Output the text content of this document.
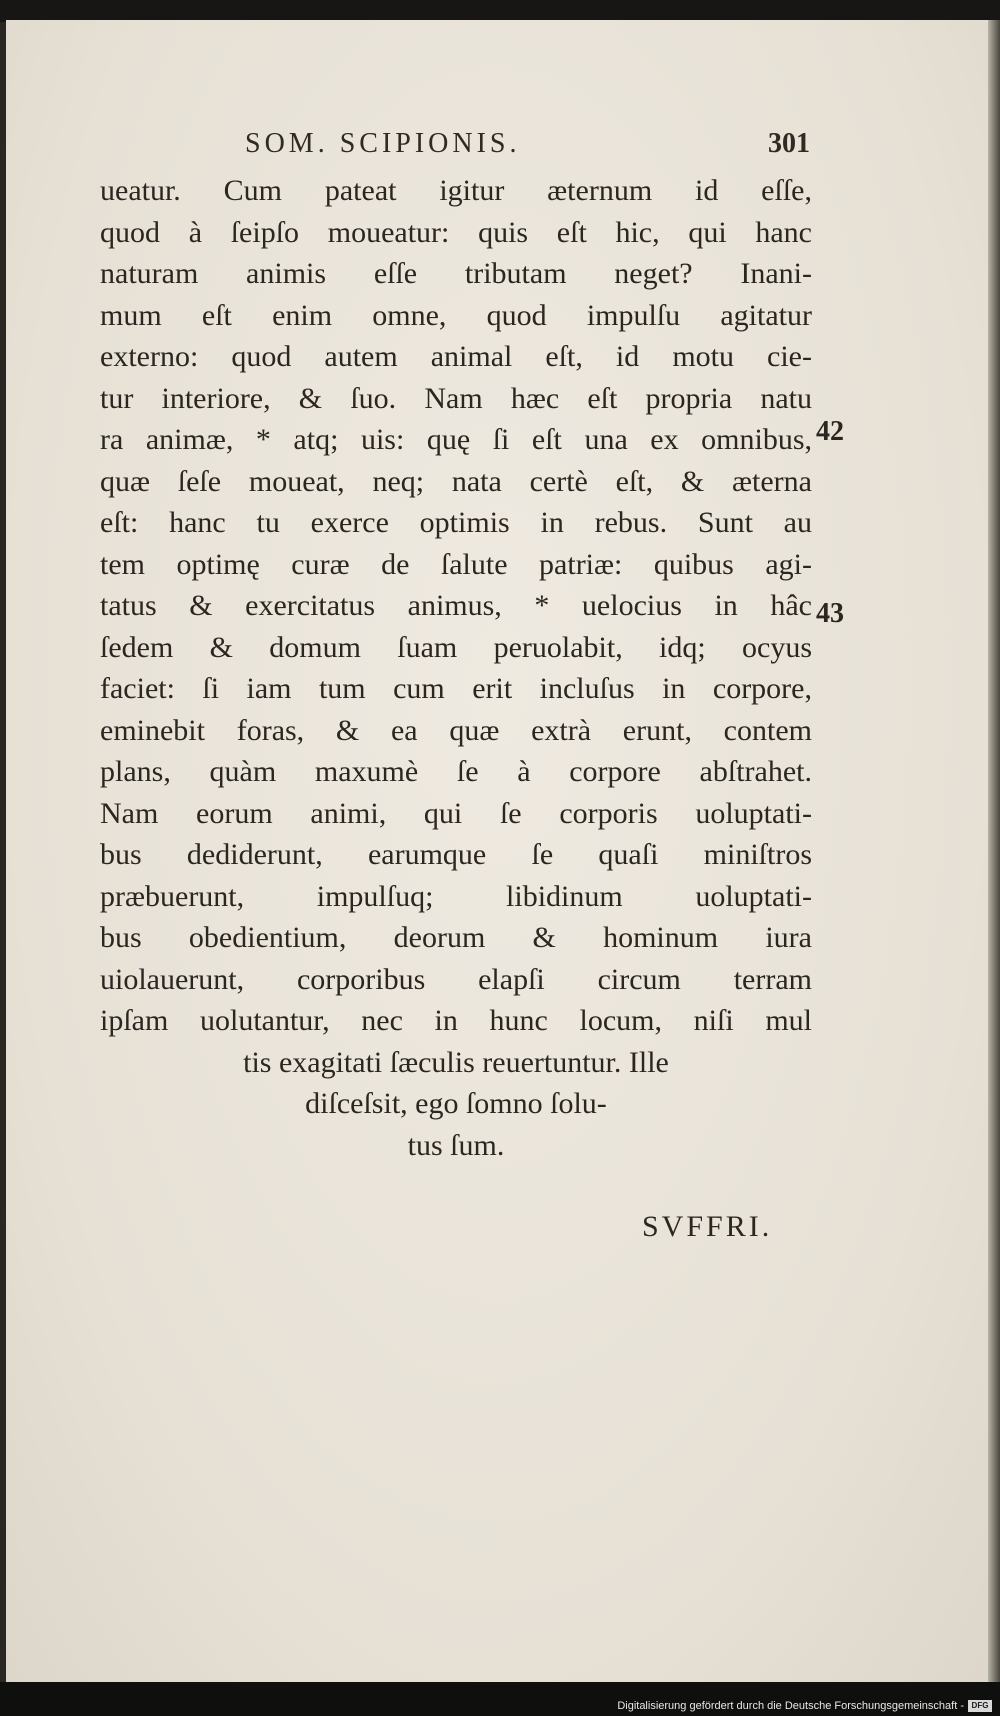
SOM. SCIPIONIS.	301
ueatur. Cum pateat igitur æternum id eſſe,
quod à ſeipſo moueatur: quis eſt hic, qui hanc
naturam animis eſſe tributam neget? Inani-
mum eſt enim omne, quod impulſu agitatur
externo: quod autem animal eſt, id motu cie-
tur interiore, & ſuo. Nam hæc eſt propria natu
ra animæ, * atq; uis: quę ſi eſt una ex omnibus,
quæ ſeſe moueat, neq; nata certè eſt, & æterna
eſt: hanc tu exerce optimis in rebus. Sunt au
tem optimę curæ de ſalute patriæ: quibus agi-
tatus & exercitatus animus, * uelocius in hâc
ſedem & domum ſuam peruolabit, idq; ocyus
faciet: ſi iam tum cum erit incluſus in corpore,
eminebit foras, & ea quæ extrà erunt, contem
plans, quàm maxumè ſe à corpore abſtrahet.
Nam eorum animi, qui ſe corporis uoluptati-
bus dediderunt, earumque ſe quaſi miniſtros
præbuerunt, impulſuq; libidinum uoluptati-
bus obedientium, deorum & hominum iura
uiolauerunt, corporibus elapſi circum terram
ipſam uolutantur, nec in hunc locum, niſi mul
tis exagitati ſæculis reuertuntur. Ille
diſceſsit, ego ſomno ſolu-
tus ſum.
42
43
SVFFRI.
Digitalisierung gefördert durch die Deutsche Forschungsgemeinschaft - DFG
